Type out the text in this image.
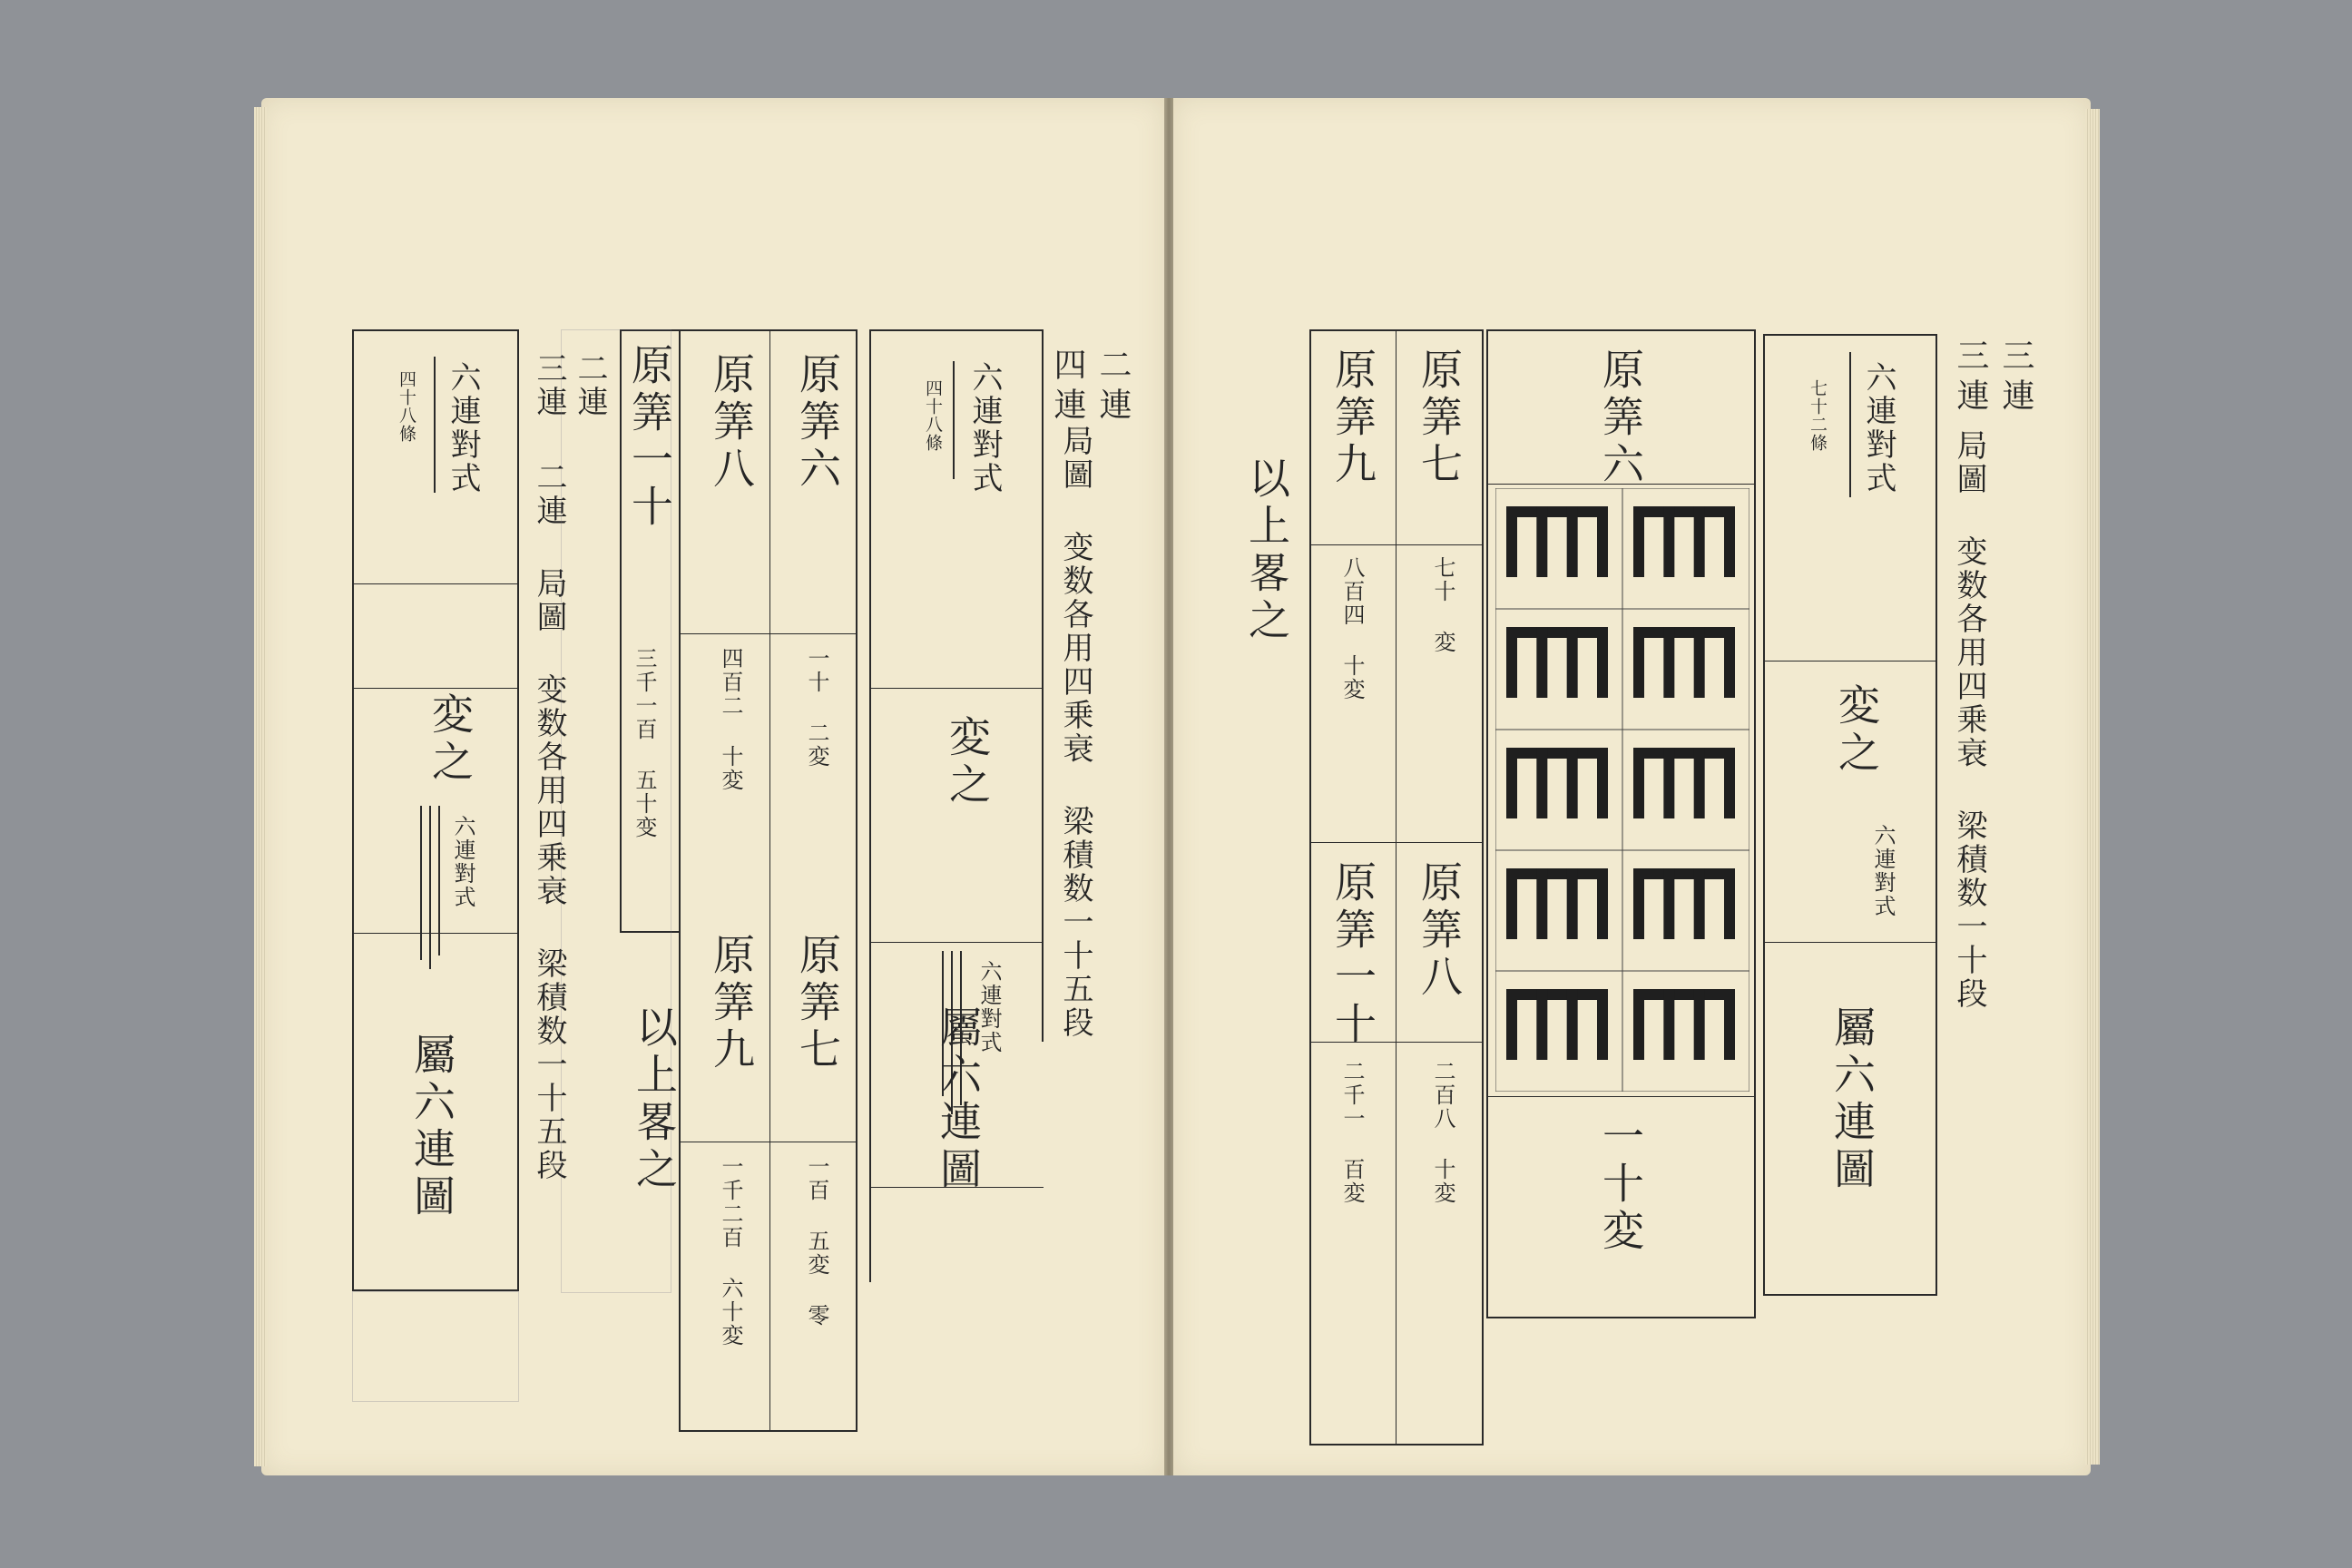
二連
四連
局圖 变数各用四乗衰 梁積数一十五段
六連對式
四十八條
変之
六連對式
屬六連圖
原筭六
原筭八
一十 二変
四百二 十変
原筭七
原筭九
一百 五変 零
一千二百 六十変
原筭一十
三千一百 五十变
二連
三連
二連 局圖 变数各用四乗衰 梁積数一十五段 以上畧之
六連對式
四十八條
変之
六連對式
屬六連圖
三連
三連
局圖 变数各用四乗衰 梁積数一十段
六連對式
七十二條
変之
六連對式
屬六連圖
原筭六
一十変
原筭七
原筭九
七十 変
八百四 十変
原筭八
原筭一十
二百八 十変
二千一 百変
以上畧之
